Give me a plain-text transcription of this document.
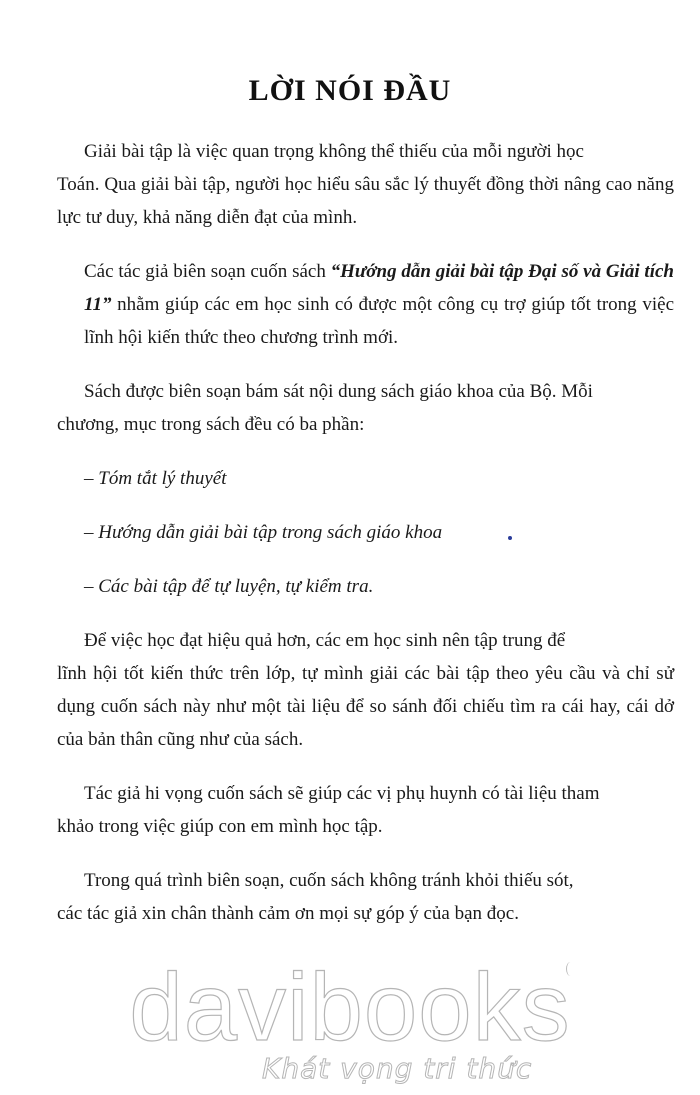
LỜI NÓI ĐẦU

Giải bài tập là việc quan trọng không thể thiếu của mỗi người học
Toán. Qua giải bài tập, người học hiểu sâu sắc lý thuyết đồng thời nâng cao năng lực tư duy, khả năng diễn đạt của mình.

Các tác giả biên soạn cuốn sách “Hướng dẫn giải bài tập Đại số và Giải tích 11” nhằm giúp các em học sinh có được một công cụ trợ giúp tốt trong việc lĩnh hội kiến thức theo chương trình mới.

Sách được biên soạn bám sát nội dung sách giáo khoa của Bộ. Mỗi
chương, mục trong sách đều có ba phần:

– Tóm tắt lý thuyết

– Hướng dẫn giải bài tập trong sách giáo khoa

– Các bài tập để tự luyện, tự kiểm tra.

Để việc học đạt hiệu quả hơn, các em học sinh nên tập trung để
lĩnh hội tốt kiến thức trên lớp, tự mình giải các bài tập theo yêu cầu và chỉ sử dụng cuốn sách này như một tài liệu để so sánh đối chiếu tìm ra cái hay, cái dở của bản thân cũng như của sách.

Tác giả hi vọng cuốn sách sẽ giúp các vị phụ huynh có tài liệu tham
khảo trong việc giúp con em mình học tập.

Trong quá trình biên soạn, cuốn sách không tránh khỏi thiếu sót,
các tác giả xin chân thành cảm ơn mọi sự góp ý của bạn đọc.

davibooks
Khát vọng tri thức
